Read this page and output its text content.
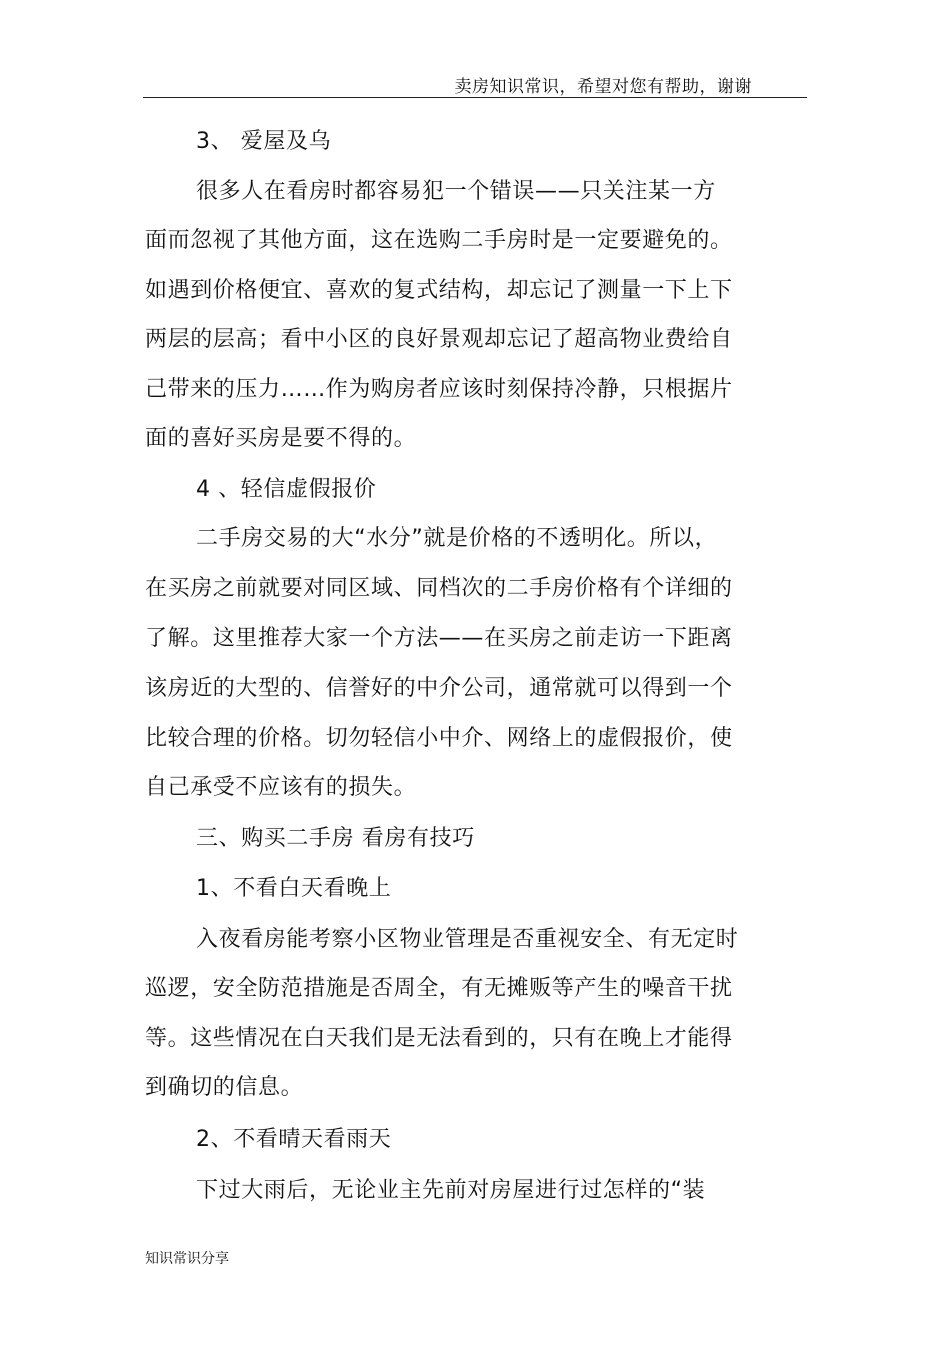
卖房知识常识，希望对您有帮助，谢谢
3、 爱屋及乌
很多人在看房时都容易犯一个错误——只关注某一方
面而忽视了其他方面，这在选购二手房时是一定要避免的。
如遇到价格便宜、喜欢的复式结构，却忘记了测量一下上下
两层的层高；看中小区的良好景观却忘记了超高物业费给自
己带来的压力……作为购房者应该时刻保持冷静，只根据片
面的喜好买房是要不得的。
4 、轻信虚假报价
二手房交易的大“水分”就是价格的不透明化。所以，
在买房之前就要对同区域、同档次的二手房价格有个详细的
了解。这里推荐大家一个方法——在买房之前走访一下距离
该房近的大型的、信誉好的中介公司，通常就可以得到一个
比较合理的价格。切勿轻信小中介、网络上的虚假报价，使
自己承受不应该有的损失。
三、购买二手房 看房有技巧
1、不看白天看晚上
入夜看房能考察小区物业管理是否重视安全、有无定时
巡逻，安全防范措施是否周全，有无摊贩等产生的噪音干扰
等。这些情况在白天我们是无法看到的，只有在晚上才能得
到确切的信息。
2、不看晴天看雨天
下过大雨后，无论业主先前对房屋进行过怎样的“装
知识常识分享
